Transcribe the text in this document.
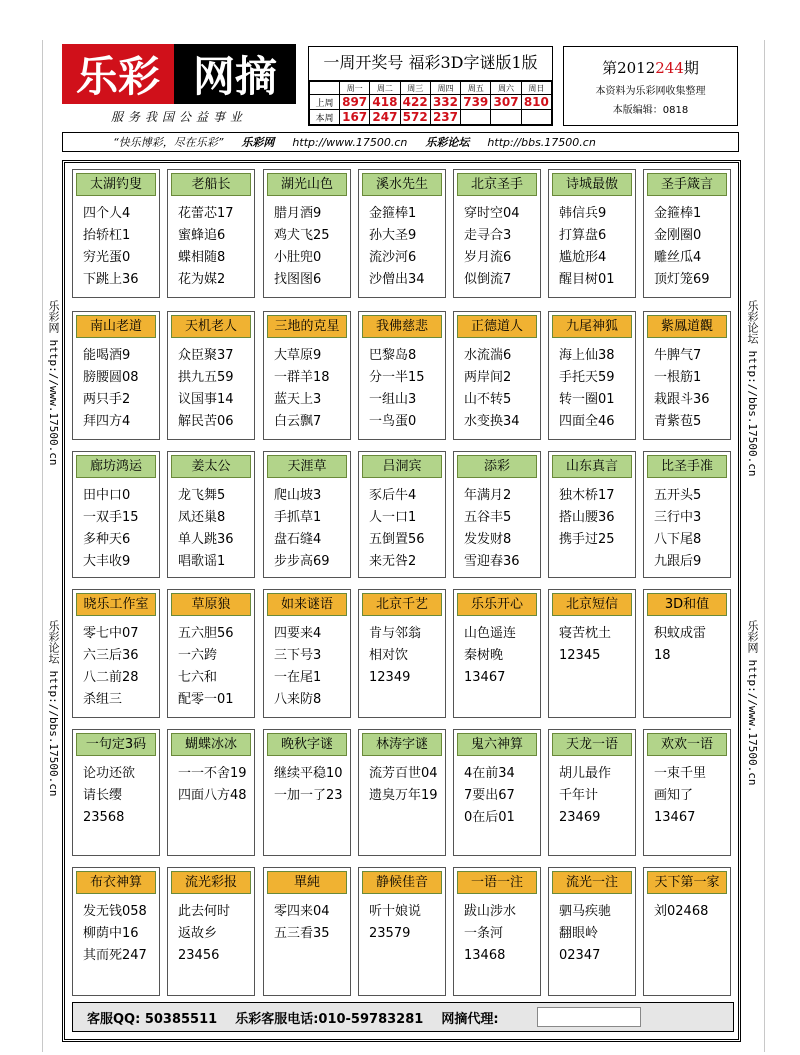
乐彩 网摘
服务我国公益事业
一周开奖号 福彩3D字谜版1版
	周一	周二	周三	周四	周五	周六	周日
上周	897	418	422	332	739	307	810
本周	167	247	572	237			
第2012244期
本资料为乐彩网收集整理
本版编辑：0818
“快乐博彩，尽在乐彩” 乐彩网 http://www.17500.cn 乐彩论坛 http://bbs.17500.cn
乐彩网 http://www.17500.cn
乐彩论坛 http://bbs.17500.cn
乐彩论坛 http://bbs.17500.cn
乐彩网 http://www.17500.cn
太湖钓叟
四个人4
抬轿杠1
穷光蛋0
下跳上36
老船长
花蕾芯17
蜜蜂追6
蝶相随8
花为媒2
湖光山色
腊月酒9
鸡犬飞25
小肚兜0
找图图6
溪水先生
金箍棒1
孙大圣9
流沙河6
沙僧出34
北京圣手
穿时空04
走寻合3
岁月流6
似倒流7
诗城最傲
韩信兵9
打算盘6
尴尬形4
醒目树01
圣手箴言
金箍棒1
金刚圈0
雕丝瓜4
顶灯笼69
南山老道
能喝酒9
膀腰圆08
两只手2
拜四方4
天机老人
众臣聚37
拱九五59
议国事14
解民苦06
三地的克星
大草原9
一群羊18
蓝天上3
白云飘7
我佛慈悲
巴黎岛8
分一半15
一组山3
一鸟蛋0
正德道人
水流湍6
两岸间2
山不转5
水变换34
九尾神狐
海上仙38
手托天59
转一圈01
四面全46
紫鳳道觀
牛脾气7
一根筋1
栽跟斗36
青紫苞5
廊坊鸿运
田中口0
一双手15
多种天6
大丰收9
姜太公
龙飞舞5
凤还巢8
单人跳36
唱歌谣1
天涯草
爬山坡3
手抓草1
盘石缝4
步步高69
吕洞宾
豕后牛4
人一口1
五倒置56
来无咎2
添彩
年满月2
五谷丰5
发发财8
雪迎春36
山东真言
独木桥17
搭山腰36
携手过25
比圣手准
五开头5
三行中3
八下尾8
九跟后9
晓乐工作室
零七中07
六三后36
八二前28
杀组三
草原狼
五六胆56
一六跨
七六和
配零一01
如来谜语
四要来4
三下号3
一在尾1
八来防8
北京千艺
肯与邻翁
相对饮
12349
乐乐开心
山色遥连
秦树晚
13467
北京短信
寝苦枕土
12345
3D和值
积蚊成雷
18
一句定3码
论功还欲
请长缨
23568
蝴蝶冰冰
一一不舍19
四面八方48
晚秋字谜
继续平稳10
一加一了23
林涛字谜
流芳百世04
遗臭万年19
鬼六神算
4在前34
7要出67
0在后01
天龙一语
胡儿最作
千年计
23469
欢欢一语
一束千里
画知了
13467
布衣神算
发无钱058
柳荫中16
其而死247
流光彩报
此去何时
返故乡
23456
單純
零四来04
五三看35
静候佳音
听十娘说
23579
一语一注
跋山涉水
一条河
13468
流光一注
驷马疾驰
翻眼岭
02347
天下第一家
刘02468
客服QQ: 50385511 乐彩客服电话:010-59783281 网摘代理:
